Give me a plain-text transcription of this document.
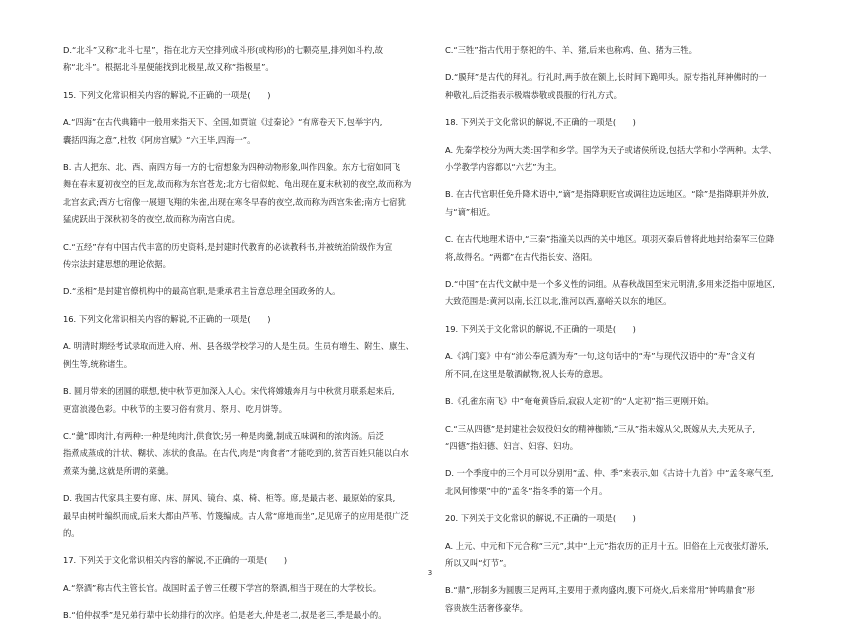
D.“北斗”又称“北斗七星”，指在北方天空排列成斗形(或构形)的七颗亮星,排列如斗杓,故
称“北斗”。根据北斗星便能找到北极星,故又称“指极星”。
15. 下列文化常识相关内容的解说,不正确的一项是(　　)
A.“四海”在古代典籍中一般用来指天下、全国,如贾谊《过秦论》“有席卷天下,包举宇内,
囊括四海之意”,杜牧《阿房宫赋》“六王毕,四海一”。
B. 古人把东、北、西、南四方每一方的七宿想象为四种动物形象,叫作四象。东方七宿如同飞
舞在春末夏初夜空的巨龙,故而称为东宫苍龙;北方七宿似蛇、龟出现在夏末秋初的夜空,故而称为
北宫玄武;西方七宿像一展翅飞翔的朱雀,出现在寒冬早春的夜空,故而称为西宫朱雀;南方七宿犹
猛虎跃出于深秋初冬的夜空,故而称为南宫白虎。
C.“五经”存有中国古代丰富的历史资料,是封建时代教育的必读教科书,并被统治阶级作为宣
传宗法封建思想的理论依据。
D.“丞相”是封建官僚机构中的最高官职,是秉承君主旨意总理全国政务的人。
16. 下列文化常识相关内容的解说,不正确的一项是(　　)
A. 明清时期经考试录取而进入府、州、县各级学校学习的人是生员。生员有增生、附生、廪生、
例生等,统称诸生。
B. 圆月带来的团圆的联想,使中秋节更加深入人心。宋代将嫦娥奔月与中秋赏月联系起来后,
更富浪漫色彩。中秋节的主要习俗有赏月、祭月、吃月饼等。
C.“羹”即肉汁,有两种:一种是纯肉汁,供食饮;另一种是肉羹,制成五味调和的浓肉汤。后泛
指煮成蒸成的汁状、糊状、冻状的食品。在古代,肉是“肉食者”才能吃到的,贫苦百姓只能以白水
煮菜为羹,这就是所谓的菜羹。
D. 我国古代家具主要有席、床、屏风、镜台、桌、椅、柜等。席,是最古老、最原始的家具,
最早由树叶编织而成,后来大都由芦苇、竹篾编成。古人常“席地而坐”,足见席子的应用是很广泛
的。
17. 下列关于文化常识相关内容的解说,不正确的一项是(　　)
A.“祭酒”称古代主管长官。战国时孟子曾三任稷下学宫的祭酒,相当于现在的大学校长。
B.“伯仲叔季”是兄弟行辈中长幼排行的次序。伯是老大,仲是老二,叔是老三,季是最小的。
C.“三牲”指古代用于祭祀的牛、羊、猪,后来也称鸡、鱼、猪为三牲。
D.“膜拜”是古代的拜礼。行礼时,两手放在额上,长时间下跪叩头。原专指礼拜神佛时的一
种敬礼,后泛指表示极端恭敬或畏服的行礼方式。
18. 下列关于文化常识的解说,不正确的一项是(　　)
A. 先秦学校分为两大类:国学和乡学。国学为天子或诸侯所设,包括大学和小学两种。太学、
小学教学内容都以“六艺”为主。
B. 在古代官职任免升降术语中,“谪”是指降职贬官或调往边远地区。“除”是指降职并外放,
与“谪”相近。
C. 在古代地理术语中,“三秦”指潼关以西的关中地区。项羽灭秦后曾将此地封给秦军三位降
将,故得名。“两都”在古代指长安、洛阳。
D.“中国”在古代文献中是一个多义性的词组。从春秋战国至宋元明清,多用来泛指中原地区,
大致范围是:黄河以南,长江以北,淮河以西,嘉峪关以东的地区。
19. 下列关于文化常识的解说,不正确的一项是(　　)
A.《鸿门宴》中有“沛公奉卮酒为寿”一句,这句话中的“寿”与现代汉语中的“寿”含义有
所不同,在这里是敬酒献物,祝人长寿的意思。
B.《孔雀东南飞》中“奄奄黄昏后,寂寂人定初”的“人定初”指三更刚开始。
C.“三从四德”是封建社会奴役妇女的精神枷锁,“三从”指未嫁从父,既嫁从夫,夫死从子,
“四德”指妇德、妇言、妇容、妇功。
D. 一个季度中的三个月可以分别用“孟、仲、季”来表示,如《古诗十九首》中“孟冬寒气至,
北风何惨栗”中的“孟冬”指冬季的第一个月。
20. 下列关于文化常识的解说,不正确的一项是(　　)
A. 上元、中元和下元合称“三元”,其中“上元”指农历的正月十五。旧俗在上元夜张灯游乐,
所以又叫“灯节”。
B.“鼎”,形制多为圆腹三足两耳,主要用于煮肉盛肉,腹下可烧火,后来常用“钟鸣鼎食”形
容贵族生活奢侈豪华。
3
